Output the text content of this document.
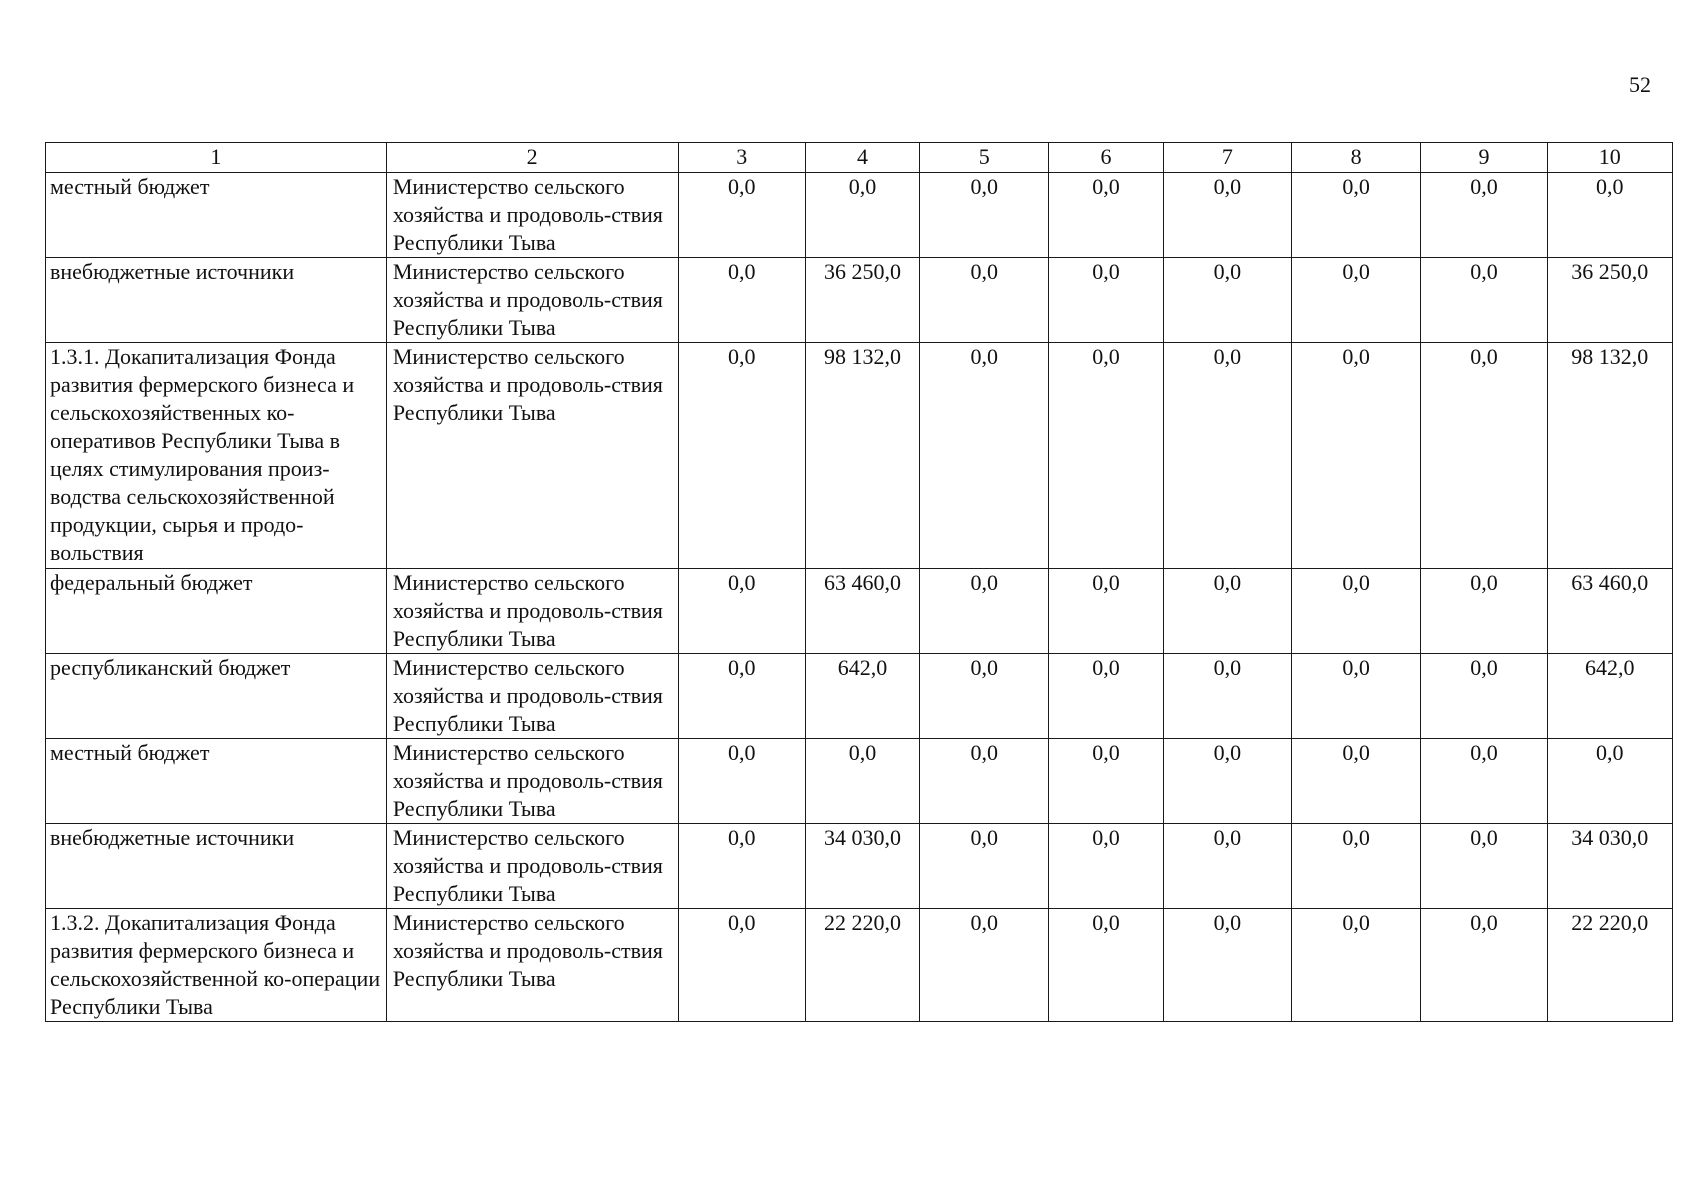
52
1	2	3	4	5	6	7	8	9	10
местный бюджет	Министерство сельского хозяйства и продоволь-ствия Республики Тыва	0,0	0,0	0,0	0,0	0,0	0,0	0,0	0,0
внебюджетные источники	Министерство сельского хозяйства и продоволь-ствия Республики Тыва	0,0	36 250,0	0,0	0,0	0,0	0,0	0,0	36 250,0
1.3.1. Докапитализация Фонда развития фермерского бизнеса и сельскохозяйственных ко-оперативов Республики Тыва в целях стимулирования произ-водства сельскохозяйственной продукции, сырья и продо-вольствия	Министерство сельского хозяйства и продоволь-ствия Республики Тыва	0,0	98 132,0	0,0	0,0	0,0	0,0	0,0	98 132,0
федеральный бюджет	Министерство сельского хозяйства и продоволь-ствия Республики Тыва	0,0	63 460,0	0,0	0,0	0,0	0,0	0,0	63 460,0
республиканский бюджет	Министерство сельского хозяйства и продоволь-ствия Республики Тыва	0,0	642,0	0,0	0,0	0,0	0,0	0,0	642,0
местный бюджет	Министерство сельского хозяйства и продоволь-ствия Республики Тыва	0,0	0,0	0,0	0,0	0,0	0,0	0,0	0,0
внебюджетные источники	Министерство сельского хозяйства и продоволь-ствия Республики Тыва	0,0	34 030,0	0,0	0,0	0,0	0,0	0,0	34 030,0
1.3.2. Докапитализация Фонда развития фермерского бизнеса и сельскохозяйственной ко-операции Республики Тыва	Министерство сельского хозяйства и продоволь-ствия Республики Тыва	0,0	22 220,0	0,0	0,0	0,0	0,0	0,0	22 220,0
